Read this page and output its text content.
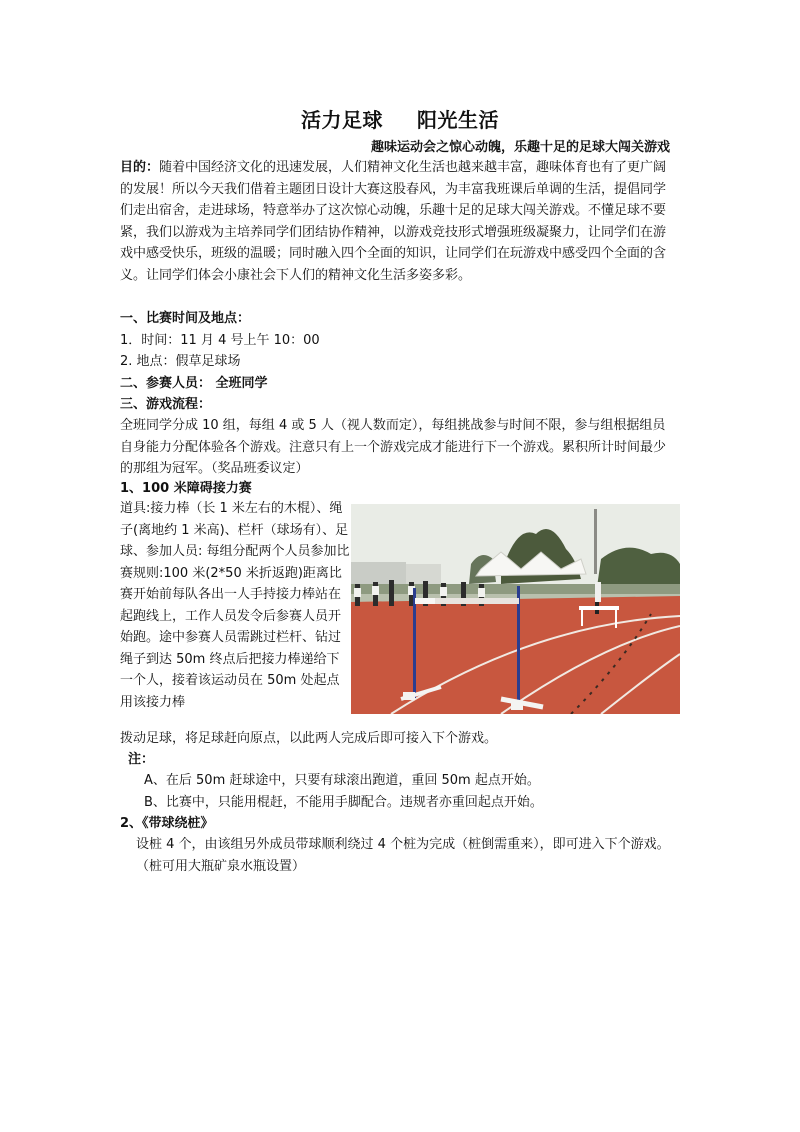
活力足球 阳光生活
趣味运动会之惊心动魄，乐趣十足的足球大闯关游戏
目的：随着中国经济文化的迅速发展，人们精神文化生活也越来越丰富，趣味体育也有了更广阔的发展！所以今天我们借着主题团日设计大赛这股春风，为丰富我班课后单调的生活，提倡同学们走出宿舍，走进球场，特意举办了这次惊心动魄，乐趣十足的足球大闯关游戏。不懂足球不要紧，我们以游戏为主培养同学们团结协作精神，以游戏竞技形式增强班级凝聚力，让同学们在游戏中感受快乐，班级的温暖；同时融入四个全面的知识，让同学们在玩游戏中感受四个全面的含义。让同学们体会小康社会下人们的精神文化生活多姿多彩。
一、比赛时间及地点：
1．时间：11 月 4 号上午 10：00
2. 地点：假草足球场
二、参赛人员： 全班同学
三、游戏流程：
全班同学分成 10 组，每组 4 或 5 人（视人数而定），每组挑战参与时间不限，参与组根据组员自身能力分配体验各个游戏。注意只有上一个游戏完成才能进行下一个游戏。累积所计时间最少的那组为冠军。（奖品班委议定）
1、100 米障碍接力赛
道具:接力棒（长 1 米左右的木棍）、绳子(离地约 1 米高)、栏杆（球场有）、足球、参加人员: 每组分配两个人员参加比赛规则:100 米(2*50 米折返跑)距离比赛开始前每队各出一人手持接力棒站在起跑线上，工作人员发令后参赛人员开始跑。途中参赛人员需跳过栏杆、钻过绳子到达 50m 终点后把接力棒递给下一个人，接着该运动员在 50m 处起点用该接力棒
拨动足球，将足球赶向原点，以此两人完成后即可接入下个游戏。
注：
A、在后 50m 赶球途中，只要有球滚出跑道，重回 50m 起点开始。
B、比赛中，只能用棍赶，不能用手脚配合。违规者亦重回起点开始。
2、《带球绕桩》
设桩 4 个，由该组另外成员带球顺利绕过 4 个桩为完成（桩倒需重来），即可进入下个游戏。（桩可用大瓶矿泉水瓶设置）
